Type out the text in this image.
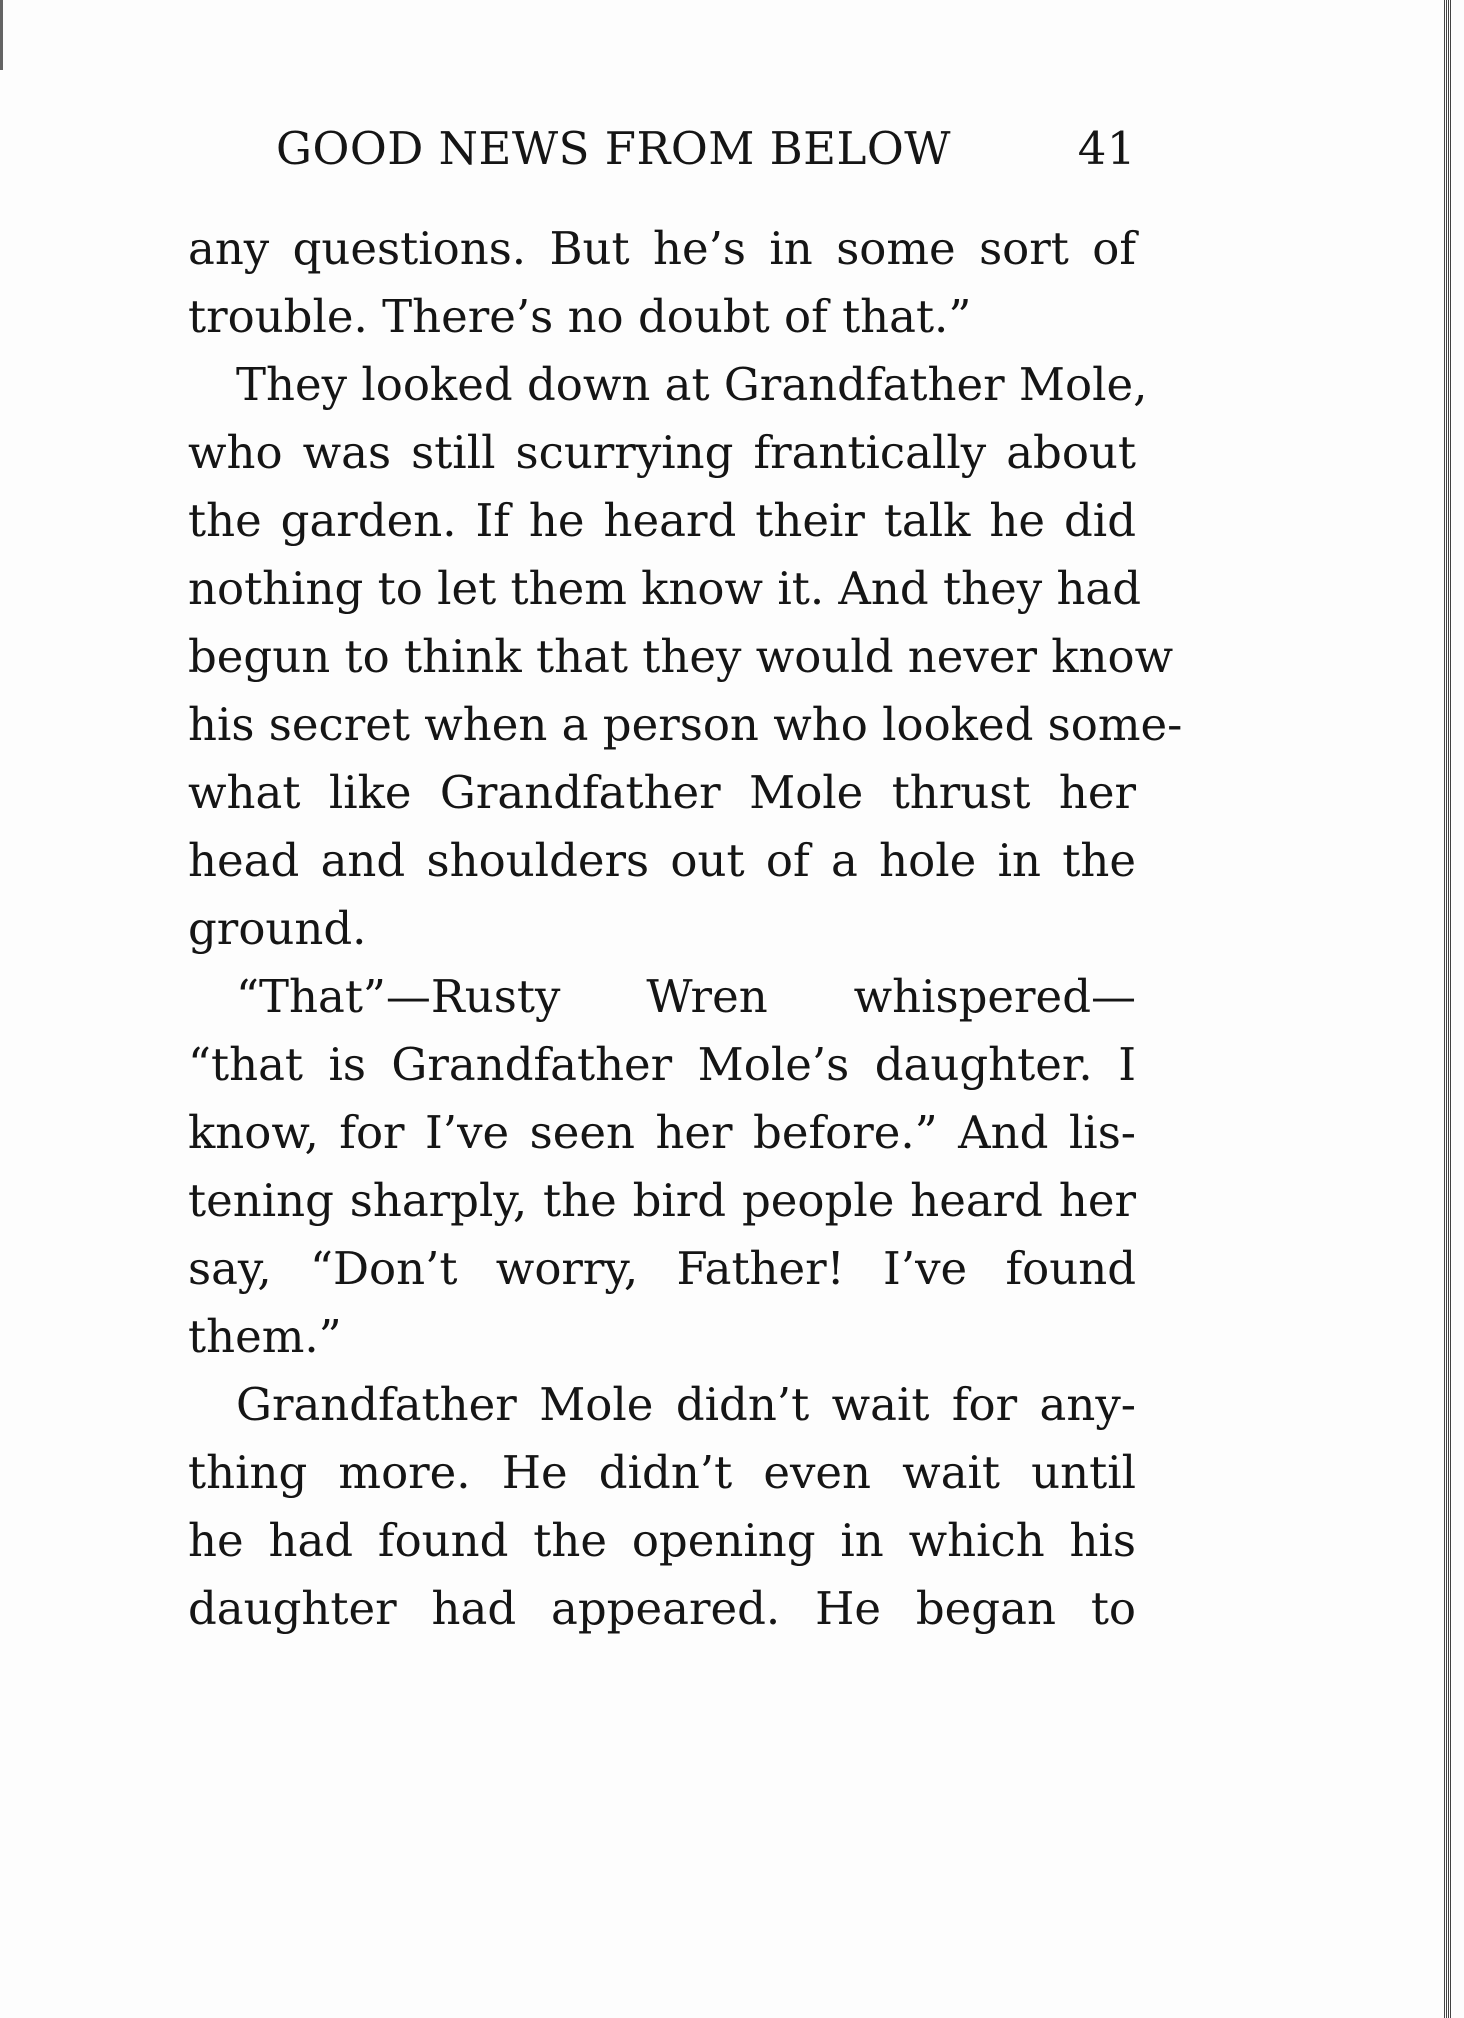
GOOD NEWS FROM BELOW	41
any questions. But he’s in some sort of
trouble. There’s no doubt of that.”
They looked down at Grandfather Mole,
who was still scurrying frantically about
the garden. If he heard their talk he did
nothing to let them know it. And they had
begun to think that they would never know
his secret when a person who looked some-
what like Grandfather Mole thrust her
head and shoulders out of a hole in the
ground.
“That”—Rusty Wren whispered—
“that is Grandfather Mole’s daughter. I
know, for I’ve seen her before.” And lis-
tening sharply, the bird people heard her
say, “Don’t worry, Father! I’ve found
them.”
Grandfather Mole didn’t wait for any-
thing more. He didn’t even wait until
he had found the opening in which his
daughter had appeared. He began to
